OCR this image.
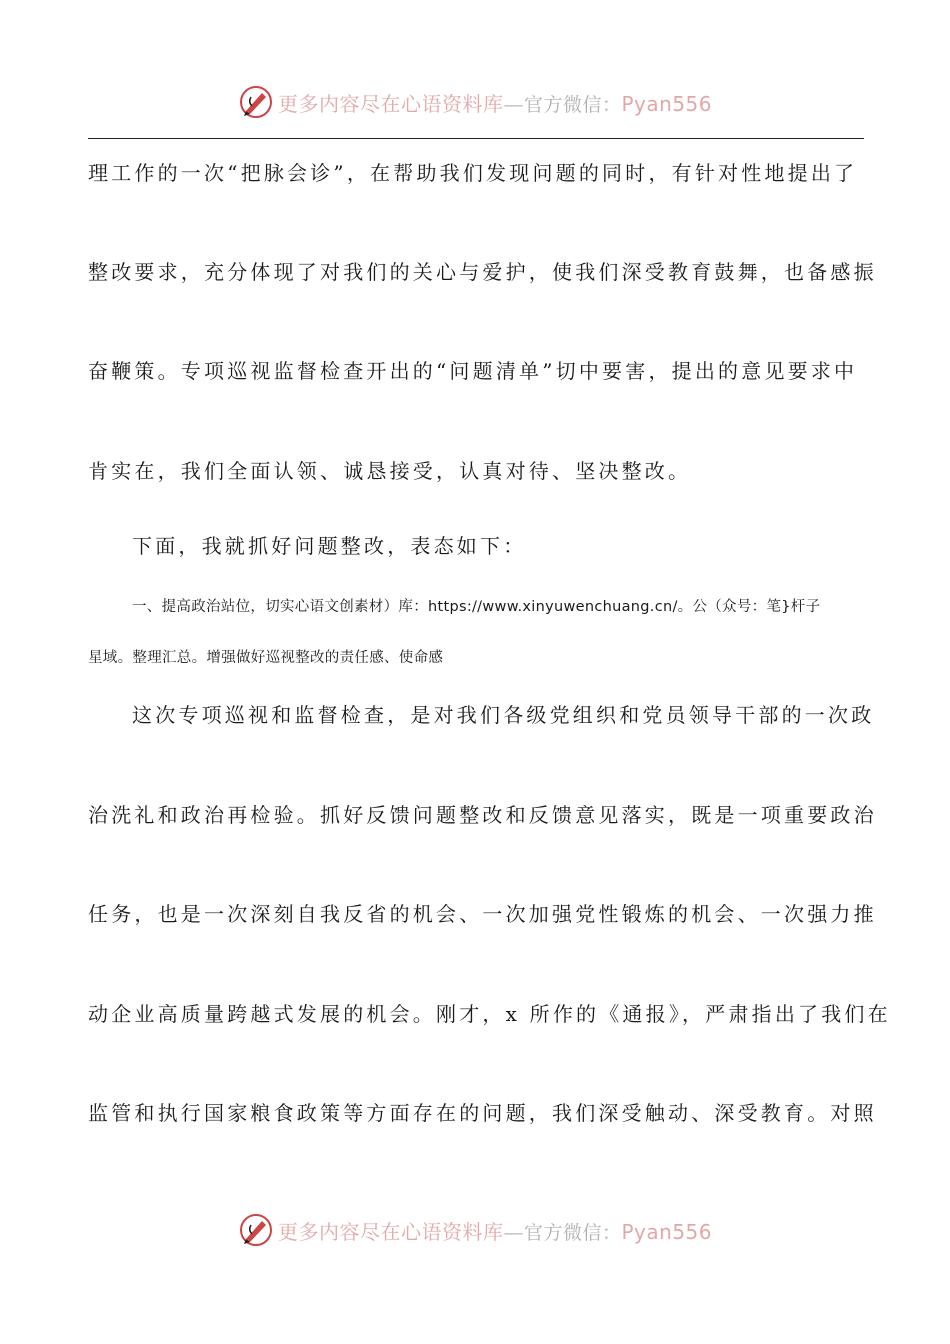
更多内容尽在心语资料库—官方微信：Pyan556
理工作的一次“把脉会诊”，在帮助我们发现问题的同时，有针对性地提出了
整改要求，充分体现了对我们的关心与爱护，使我们深受教育鼓舞，也备感振
奋鞭策。专项巡视监督检查开出的“问题清单”切中要害，提出的意见要求中
肯实在，我们全面认领、诚恳接受，认真对待、坚决整改。
下面，我就抓好问题整改，表态如下：
一、提高政治站位，切实心语文创素材）库：https://www.xinyuwenchuang.cn/。公（众号：笔}杆子
星域。整理汇总。增强做好巡视整改的责任感、使命感
这次专项巡视和监督检查，是对我们各级党组织和党员领导干部的一次政
治洗礼和政治再检验。抓好反馈问题整改和反馈意见落实，既是一项重要政治
任务，也是一次深刻自我反省的机会、一次加强党性锻炼的机会、一次强力推
动企业高质量跨越式发展的机会。刚才，x 所作的《通报》，严肃指出了我们在
监管和执行国家粮食政策等方面存在的问题，我们深受触动、深受教育。对照
更多内容尽在心语资料库—官方微信：Pyan556
